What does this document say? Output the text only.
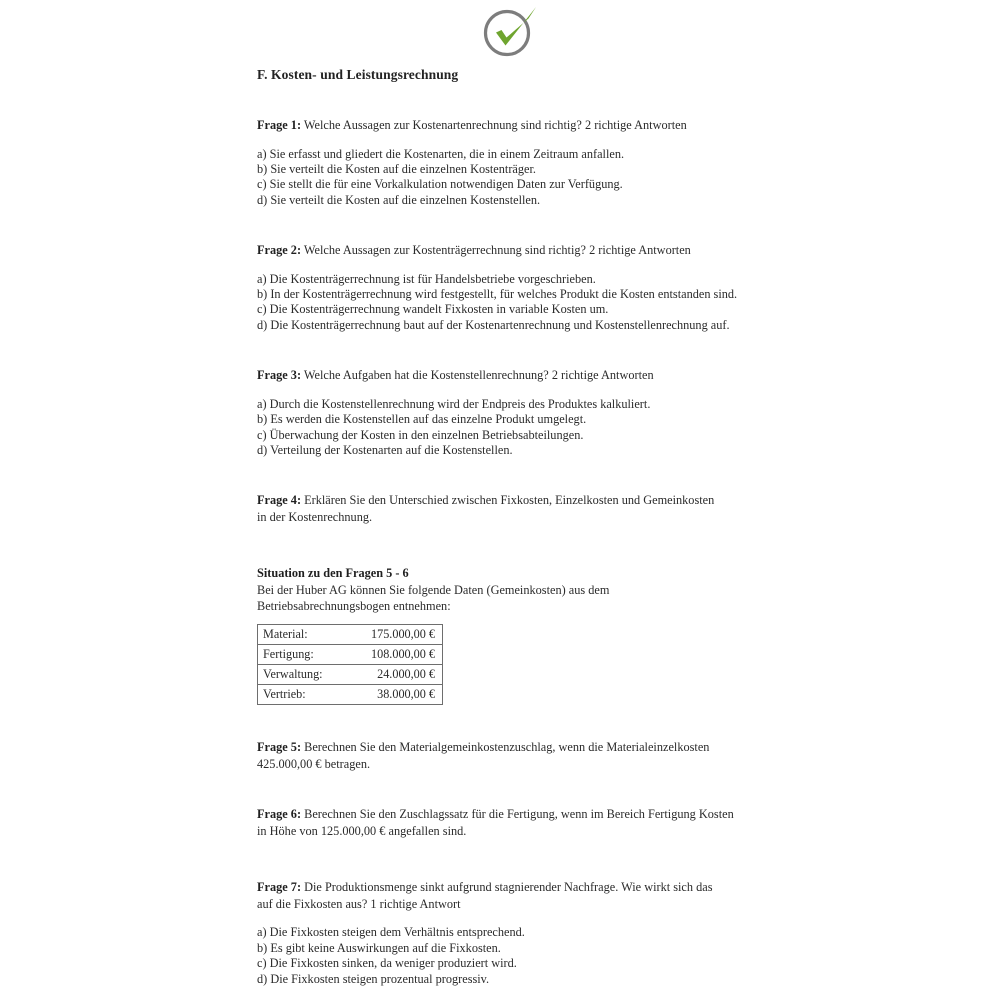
F. Kosten- und Leistungsrechnung

Frage 1: Welche Aussagen zur Kostenartenrechnung sind richtig? 2 richtige Antworten

a) Sie erfasst und gliedert die Kostenarten, die in einem Zeitraum anfallen.

b) Sie verteilt die Kosten auf die einzelnen Kostenträger.

c) Sie stellt die für eine Vorkalkulation notwendigen Daten zur Verfügung.

d) Sie verteilt die Kosten auf die einzelnen Kostenstellen.

Frage 2: Welche Aussagen zur Kostenträgerrechnung sind richtig? 2 richtige Antworten

a) Die Kostenträgerrechnung ist für Handelsbetriebe vorgeschrieben.

b) In der Kostenträgerrechnung wird festgestellt, für welches Produkt die Kosten entstanden sind.

c) Die Kostenträgerrechnung wandelt Fixkosten in variable Kosten um.

d) Die Kostenträgerrechnung baut auf der Kostenartenrechnung und Kostenstellenrechnung auf.

Frage 3: Welche Aufgaben hat die Kostenstellenrechnung? 2 richtige Antworten

a) Durch die Kostenstellenrechnung wird der Endpreis des Produktes kalkuliert.

b) Es werden die Kostenstellen auf das einzelne Produkt umgelegt.

c) Überwachung der Kosten in den einzelnen Betriebsabteilungen.

d) Verteilung der Kostenarten auf die Kostenstellen.

Frage 4: Erklären Sie den Unterschied zwischen Fixkosten, Einzelkosten und Gemeinkosten

in der Kostenrechnung.

Situation zu den Fragen 5 - 6

Bei der Huber AG können Sie folgende Daten (Gemeinkosten) aus dem

Betriebsabrechnungsbogen entnehmen:

Material:	175.000,00 €
Fertigung:	108.000,00 €
Verwaltung:	24.000,00 €
Vertrieb:	38.000,00 €

Frage 5: Berechnen Sie den Materialgemeinkostenzuschlag, wenn die Materialeinzelkosten

425.000,00 € betragen.

Frage 6: Berechnen Sie den Zuschlagssatz für die Fertigung, wenn im Bereich Fertigung Kosten

in Höhe von 125.000,00 € angefallen sind.

Frage 7: Die Produktionsmenge sinkt aufgrund stagnierender Nachfrage. Wie wirkt sich das

auf die Fixkosten aus? 1 richtige Antwort

a) Die Fixkosten steigen dem Verhältnis entsprechend.

b) Es gibt keine Auswirkungen auf die Fixkosten.

c) Die Fixkosten sinken, da weniger produziert wird.

d) Die Fixkosten steigen prozentual progressiv.
